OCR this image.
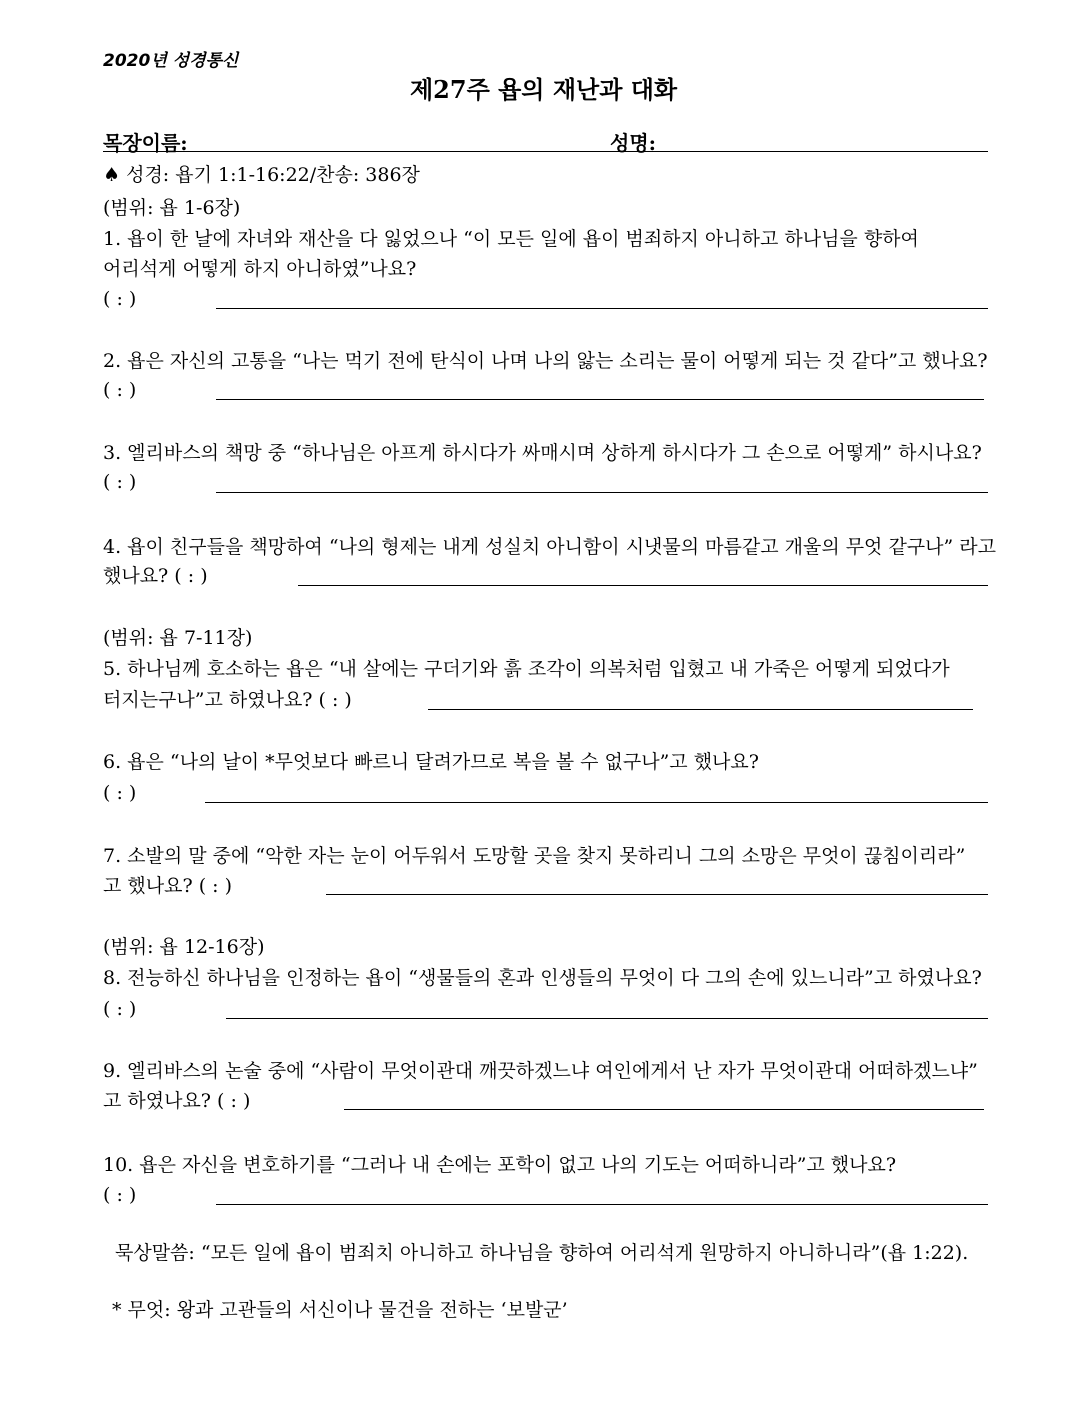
2020년 성경통신
제27주 욥의 재난과 대화
목장이름:	성명:
♠ 성경: 욥기 1:1-16:22/찬송: 386장
(범위: 욥 1-6장)
1. 욥이 한 날에 자녀와 재산을 다 잃었으나 “이 모든 일에 욥이 범죄하지 아니하고 하나님을 향하여
어리석게 어떻게 하지 아니하였”나요?
( : )
2. 욥은 자신의 고통을 “나는 먹기 전에 탄식이 나며 나의 앓는 소리는 물이 어떻게 되는 것 같다”고 했나요?
( : )
3. 엘리바스의 책망 중 “하나님은 아프게 하시다가 싸매시며 상하게 하시다가 그 손으로 어떻게” 하시나요?
( : )
4. 욥이 친구들을 책망하여 “나의 형제는 내게 성실치 아니함이 시냇물의 마름같고 개울의 무엇 같구나” 라고
했나요? ( : )
(범위: 욥 7-11장)
5. 하나님께 호소하는 욥은 “내 살에는 구더기와 흙 조각이 의복처럼 입혔고 내 가죽은 어떻게 되었다가
터지는구나”고 하였나요? ( : )
6. 욥은 “나의 날이 *무엇보다 빠르니 달려가므로 복을 볼 수 없구나”고 했나요?
( : )
7. 소발의 말 중에 “악한 자는 눈이 어두워서 도망할 곳을 찾지 못하리니 그의 소망은 무엇이 끊침이리라”
고 했나요? ( : )
(범위: 욥 12-16장)
8. 전능하신 하나님을 인정하는 욥이 “생물들의 혼과 인생들의 무엇이 다 그의 손에 있느니라”고 하였나요?
( : )
9. 엘리바스의 논술 중에 “사람이 무엇이관대 깨끗하겠느냐 여인에게서 난 자가 무엇이관대 어떠하겠느냐”
고 하였나요? ( : )
10. 욥은 자신을 변호하기를 “그러나 내 손에는 포학이 없고 나의 기도는 어떠하니라”고 했나요?
( : )
묵상말씀: “모든 일에 욥이 범죄치 아니하고 하나님을 향하여 어리석게 원망하지 아니하니라”(욥 1:22).
* 무엇: 왕과 고관들의 서신이나 물건을 전하는 ‘보발군’
